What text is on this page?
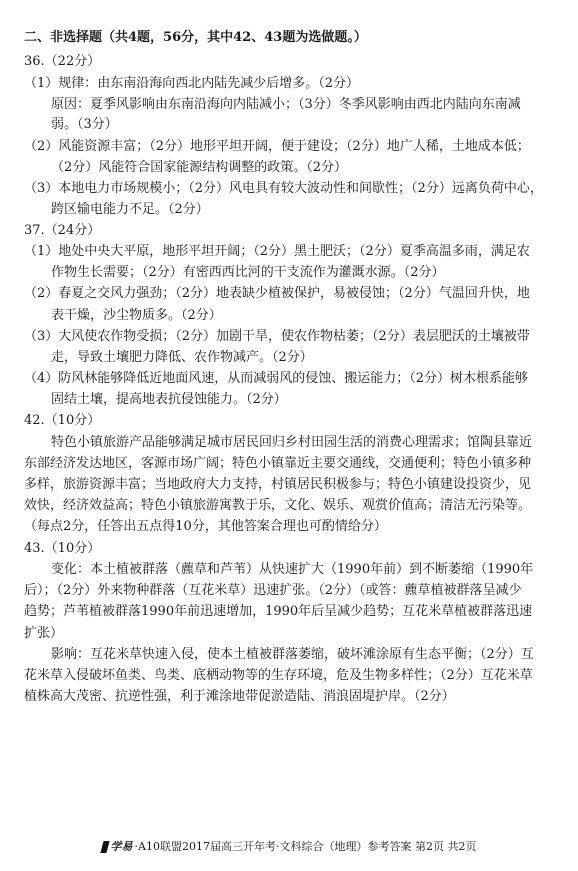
二、非选择题（共4题，56分，其中42、43题为选做题。）
36.（22分）
（1）规律：由东南沿海向西北内陆先减少后增多。（2分）
原因：夏季风影响由东南沿海向内陆减小；（3分）冬季风影响由西北内陆向东南减
弱。（3分）
（2）风能资源丰富；（2分）地形平坦开阔，便于建设；（2分）地广人稀，土地成本低；
（2分）风能符合国家能源结构调整的政策。（2分）
（3）本地电力市场规模小；（2分）风电具有较大波动性和间歇性；（2分）远离负荷中心，
跨区输电能力不足。（2分）
37.（24分）
（1）地处中央大平原，地形平坦开阔；（2分）黑土肥沃；（2分）夏季高温多雨，满足农
作物生长需要；（2分）有密西西比河的干支流作为灌溉水源。（2分）
（2）春夏之交风力强劲；（2分）地表缺少植被保护，易被侵蚀；（2分）气温回升快，地
表干燥，沙尘物质多。（2分）
（3）大风使农作物受损；（2分）加剧干旱，使农作物枯萎；（2分）表层肥沃的土壤被带
走，导致土壤肥力降低、农作物减产。（2分）
（4）防风林能够降低近地面风速，从而减弱风的侵蚀、搬运能力；（2分）树木根系能够
固结土壤，提高地表抗侵蚀能力。（2分）
42.（10分）
特色小镇旅游产品能够满足城市居民回归乡村田园生活的消费心理需求；馆陶县靠近
东部经济发达地区，客源市场广阔；特色小镇靠近主要交通线，交通便利；特色小镇多种
多样，旅游资源丰富；当地政府大力支持，村镇居民积极参与；特色小镇建设投资少，见
效快，经济效益高；特色小镇旅游寓教于乐，文化、娱乐、观赏价值高；清洁无污染等。
（每点2分，任答出五点得10分，其他答案合理也可酌情给分）
43.（10分）
变化：本土植被群落（藨草和芦苇）从快速扩大（1990年前）到不断萎缩（1990年
后）；（2分）外来物种群落（互花米草）迅速扩张。（2分）（或答：藨草植被群落呈减少
趋势；芦苇植被群落1990年前迅速增加，1990年后呈减少趋势；互花米草植被群落迅速
扩张）
影响：互花米草快速入侵，使本土植被群落萎缩，破坏滩涂原有生态平衡；（2分）互
花米草入侵破坏鱼类、鸟类、底栖动物等的生存环境，危及生物多样性；（2分）互花米草
植株高大茂密、抗逆性强，利于滩涂地带促淤造陆、消浪固堤护岸。（2分）
学易 ·A10联盟2017届高三开年考·文科综合（地理）参考答案 第2页 共2页
